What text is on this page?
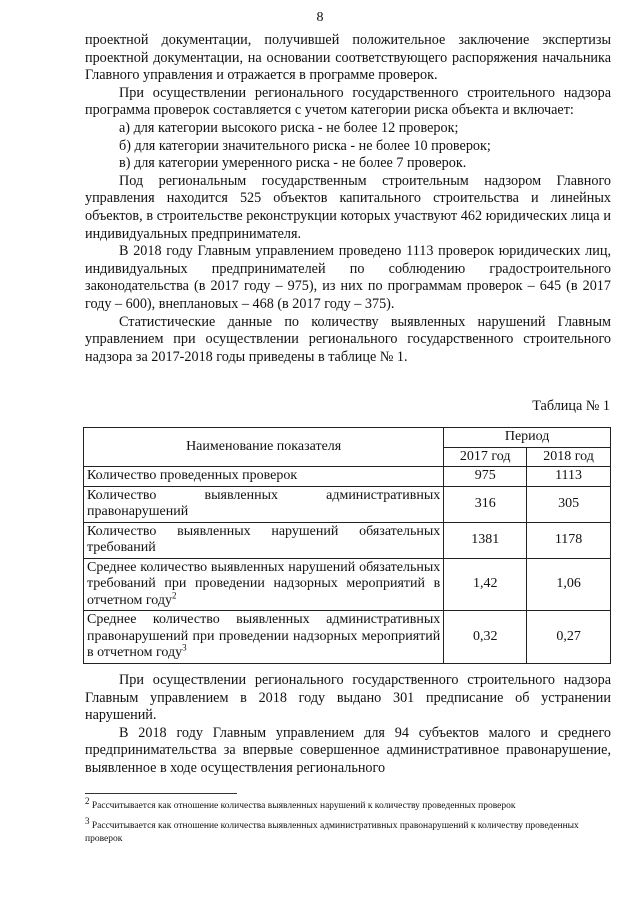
8

проектной документации, получившей положительное заключение экспертизы проектной документации, на основании соответствующего распоряжения начальника Главного управления и отражается в программе проверок.

При осуществлении регионального государственного строительного надзора программа проверок составляется с учетом категории риска объекта и включает:

а) для категории высокого риска - не более 12 проверок;

б) для категории значительного риска - не более 10 проверок;

в) для категории умеренного риска - не более 7 проверок.

Под региональным государственным строительным надзором Главного управления находится 525 объектов капитального строительства и линейных объектов, в строительстве реконструкции которых участвуют 462 юридических лица и индивидуальных предпринимателя.

В 2018 году Главным управлением проведено 1113 проверок юридических лиц, индивидуальных предпринимателей по соблюдению градостроительного законодательства (в 2017 году – 975), из них по программам проверок – 645 (в 2017 году – 600), внеплановых – 468 (в 2017 году – 375).

Статистические данные по количеству выявленных нарушений Главным управлением при осуществлении регионального государственного строительного надзора за 2017-2018 годы приведены в таблице № 1.

Таблица № 1
Наименование показателя	Период	
	2017 год	2018 год
Количество проведенных проверок	975	1113
Количество выявленных административных правонарушений	316	305
Количество выявленных нарушений обязательных требований	1381	1178
Среднее количество выявленных нарушений обязательных требований при проведении надзорных мероприятий в отчетном году$^2$	1,42	1,06
Среднее количество выявленных административных правонарушений при проведении надзорных мероприятий в отчетном году$^3$	0,32	0,27

При осуществлении регионального государственного строительного надзора Главным управлением в 2018 году выдано 301 предписание об устранении нарушений.

В 2018 году Главным управлением для 94 субъектов малого и среднего предпринимательства за впервые совершенное административное правонарушение, выявленное в ходе осуществления регионального

$^2$ Рассчитывается как отношение количества выявленных нарушений к количеству проведенных проверок
$^3$ Рассчитывается как отношение количества выявленных административных правонарушений к количеству проведенных проверок
